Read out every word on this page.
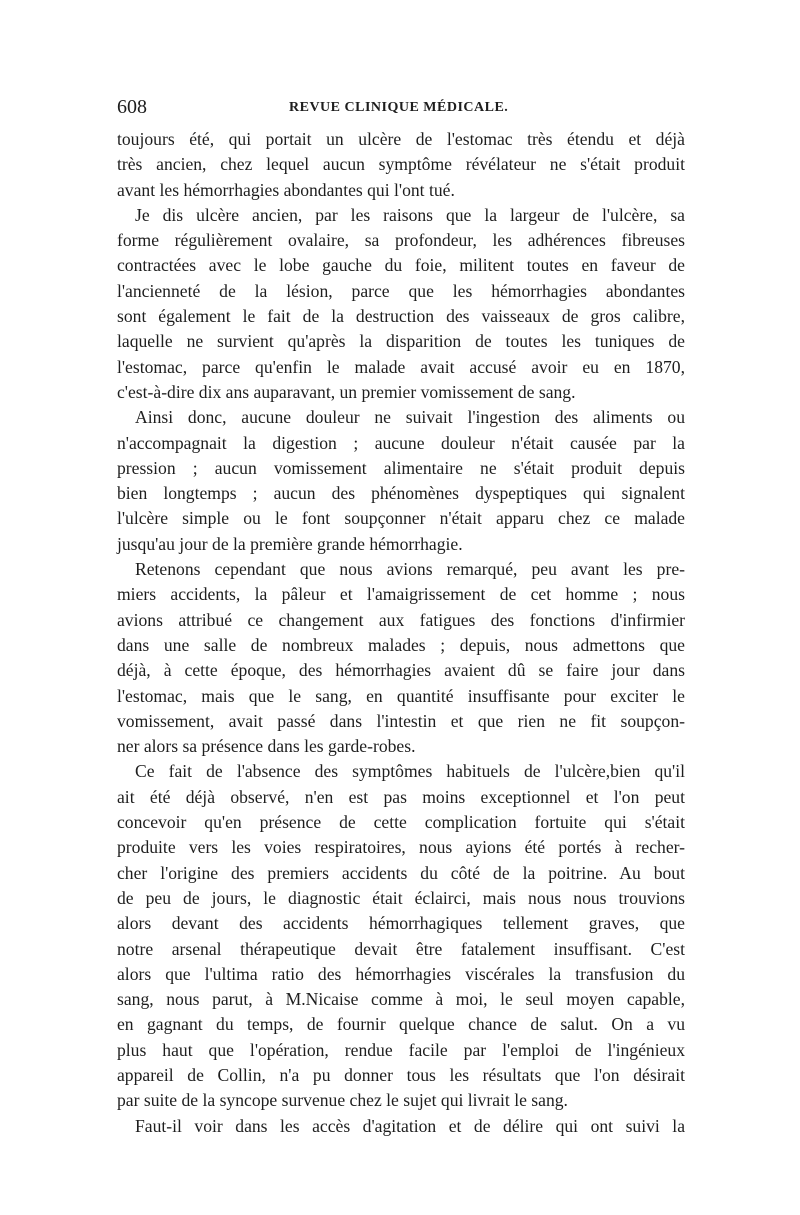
608	REVUE CLINIQUE MÉDICALE.
toujours été, qui portait un ulcère de l'estomac très étendu et déjà
très ancien, chez lequel aucun symptôme révélateur ne s'était produit
avant les hémorrhagies abondantes qui l'ont tué.
Je dis ulcère ancien, par les raisons que la largeur de l'ulcère, sa
forme régulièrement ovalaire, sa profondeur, les adhérences fibreuses
contractées avec le lobe gauche du foie, militent toutes en faveur de
l'ancienneté de la lésion, parce que les hémorrhagies abondantes
sont également le fait de la destruction des vaisseaux de gros calibre,
laquelle ne survient qu'après la disparition de toutes les tuniques de
l'estomac, parce qu'enfin le malade avait accusé avoir eu en 1870,
c'est-à-dire dix ans auparavant, un premier vomissement de sang.
Ainsi donc, aucune douleur ne suivait l'ingestion des aliments ou
n'accompagnait la digestion ; aucune douleur n'était causée par la
pression ; aucun vomissement alimentaire ne s'était produit depuis
bien longtemps ; aucun des phénomènes dyspeptiques qui signalent
l'ulcère simple ou le font soupçonner n'était apparu chez ce malade
jusqu'au jour de la première grande hémorrhagie.
Retenons cependant que nous avions remarqué, peu avant les pre-
miers accidents, la pâleur et l'amaigrissement de cet homme ; nous
avions attribué ce changement aux fatigues des fonctions d'infirmier
dans une salle de nombreux malades ; depuis, nous admettons que
déjà, à cette époque, des hémorrhagies avaient dû se faire jour dans
l'estomac, mais que le sang, en quantité insuffisante pour exciter le
vomissement, avait passé dans l'intestin et que rien ne fit soupçon-
ner alors sa présence dans les garde-robes.
Ce fait de l'absence des symptômes habituels de l'ulcère,bien qu'il
ait été déjà observé, n'en est pas moins exceptionnel et l'on peut
concevoir qu'en présence de cette complication fortuite qui s'était
produite vers les voies respiratoires, nous ayions été portés à recher-
cher l'origine des premiers accidents du côté de la poitrine. Au bout
de peu de jours, le diagnostic était éclairci, mais nous nous trouvions
alors devant des accidents hémorrhagiques tellement graves, que
notre arsenal thérapeutique devait être fatalement insuffisant. C'est
alors que l'ultima ratio des hémorrhagies viscérales la transfusion du
sang, nous parut, à M.Nicaise comme à moi, le seul moyen capable,
en gagnant du temps, de fournir quelque chance de salut. On a vu
plus haut que l'opération, rendue facile par l'emploi de l'ingénieux
appareil de Collin, n'a pu donner tous les résultats que l'on désirait
par suite de la syncope survenue chez le sujet qui livrait le sang.
Faut-il voir dans les accès d'agitation et de délire qui ont suivi la
